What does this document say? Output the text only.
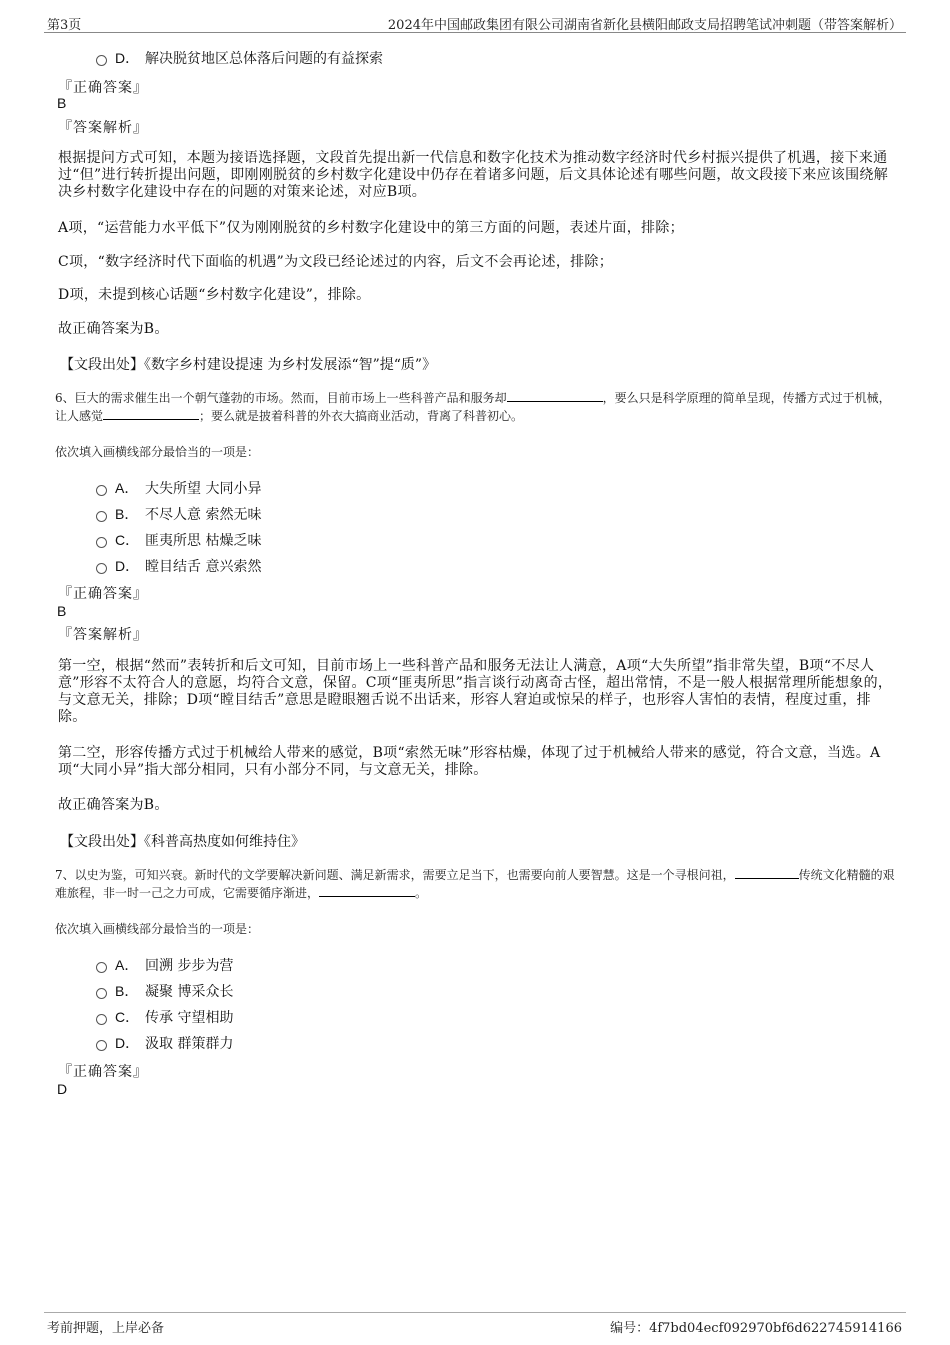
第3页	2024年中国邮政集团有限公司湖南省新化县横阳邮政支局招聘笔试冲刺题（带答案解析）
D． 解决脱贫地区总体落后问题的有益探索
『正确答案』
B
『答案解析』
根据提问方式可知，本题为接语选择题，文段首先提出新一代信息和数字化技术为推动数字经济时代乡村振兴提供了机遇，接下来通过“但”进行转折提出问题，即刚刚脱贫的乡村数字化建设中仍存在着诸多问题，后文具体论述有哪些问题，故文段接下来应该围绕解决乡村数字化建设中存在的问题的对策来论述，对应B项。
A项，“运营能力水平低下”仅为刚刚脱贫的乡村数字化建设中的第三方面的问题，表述片面，排除；
C项，“数字经济时代下面临的机遇”为文段已经论述过的内容，后文不会再论述，排除；
D项，未提到核心话题“乡村数字化建设”，排除。
故正确答案为B。
【文段出处】《数字乡村建设提速 为乡村发展添“智”提“质”》
6、巨大的需求催生出一个朝气蓬勃的市场。然而，目前市场上一些科普产品和服务却	，要么只是科学原理的简单呈现，传播方式过于机械，让人感觉	；要么就是披着科普的外衣大搞商业活动，背离了科普初心。
依次填入画横线部分最恰当的一项是：
A． 大失所望 大同小异
B． 不尽人意 索然无味
C． 匪夷所思 枯燥乏味
D． 瞠目结舌 意兴索然
『正确答案』
B
『答案解析』
第一空，根据“然而”表转折和后文可知，目前市场上一些科普产品和服务无法让人满意，A项“大失所望”指非常失望，B项“不尽人意”形容不太符合人的意愿，均符合文意，保留。C项“匪夷所思”指言谈行动离奇古怪，超出常情，不是一般人根据常理所能想象的，与文意无关，排除；D项“瞠目结舌”意思是瞪眼翘舌说不出话来，形容人窘迫或惊呆的样子，也形容人害怕的表情，程度过重，排除。
第二空，形容传播方式过于机械给人带来的感觉，B项“索然无味”形容枯燥，体现了过于机械给人带来的感觉，符合文意，当选。A项“大同小异”指大部分相同，只有小部分不同，与文意无关，排除。
故正确答案为B。
【文段出处】《科普高热度如何维持住》
7、以史为鉴，可知兴衰。新时代的文学要解决新问题、满足新需求，需要立足当下，也需要向前人要智慧。这是一个寻根问祖，	传统文化精髓的艰难旅程，非一时一己之力可成，它需要循序渐进，	。
依次填入画横线部分最恰当的一项是：
A． 回溯 步步为营
B． 凝聚 博采众长
C． 传承 守望相助
D． 汲取 群策群力
『正确答案』
D
考前押题，上岸必备	编号：4f7bd04ecf092970bf6d622745914166
